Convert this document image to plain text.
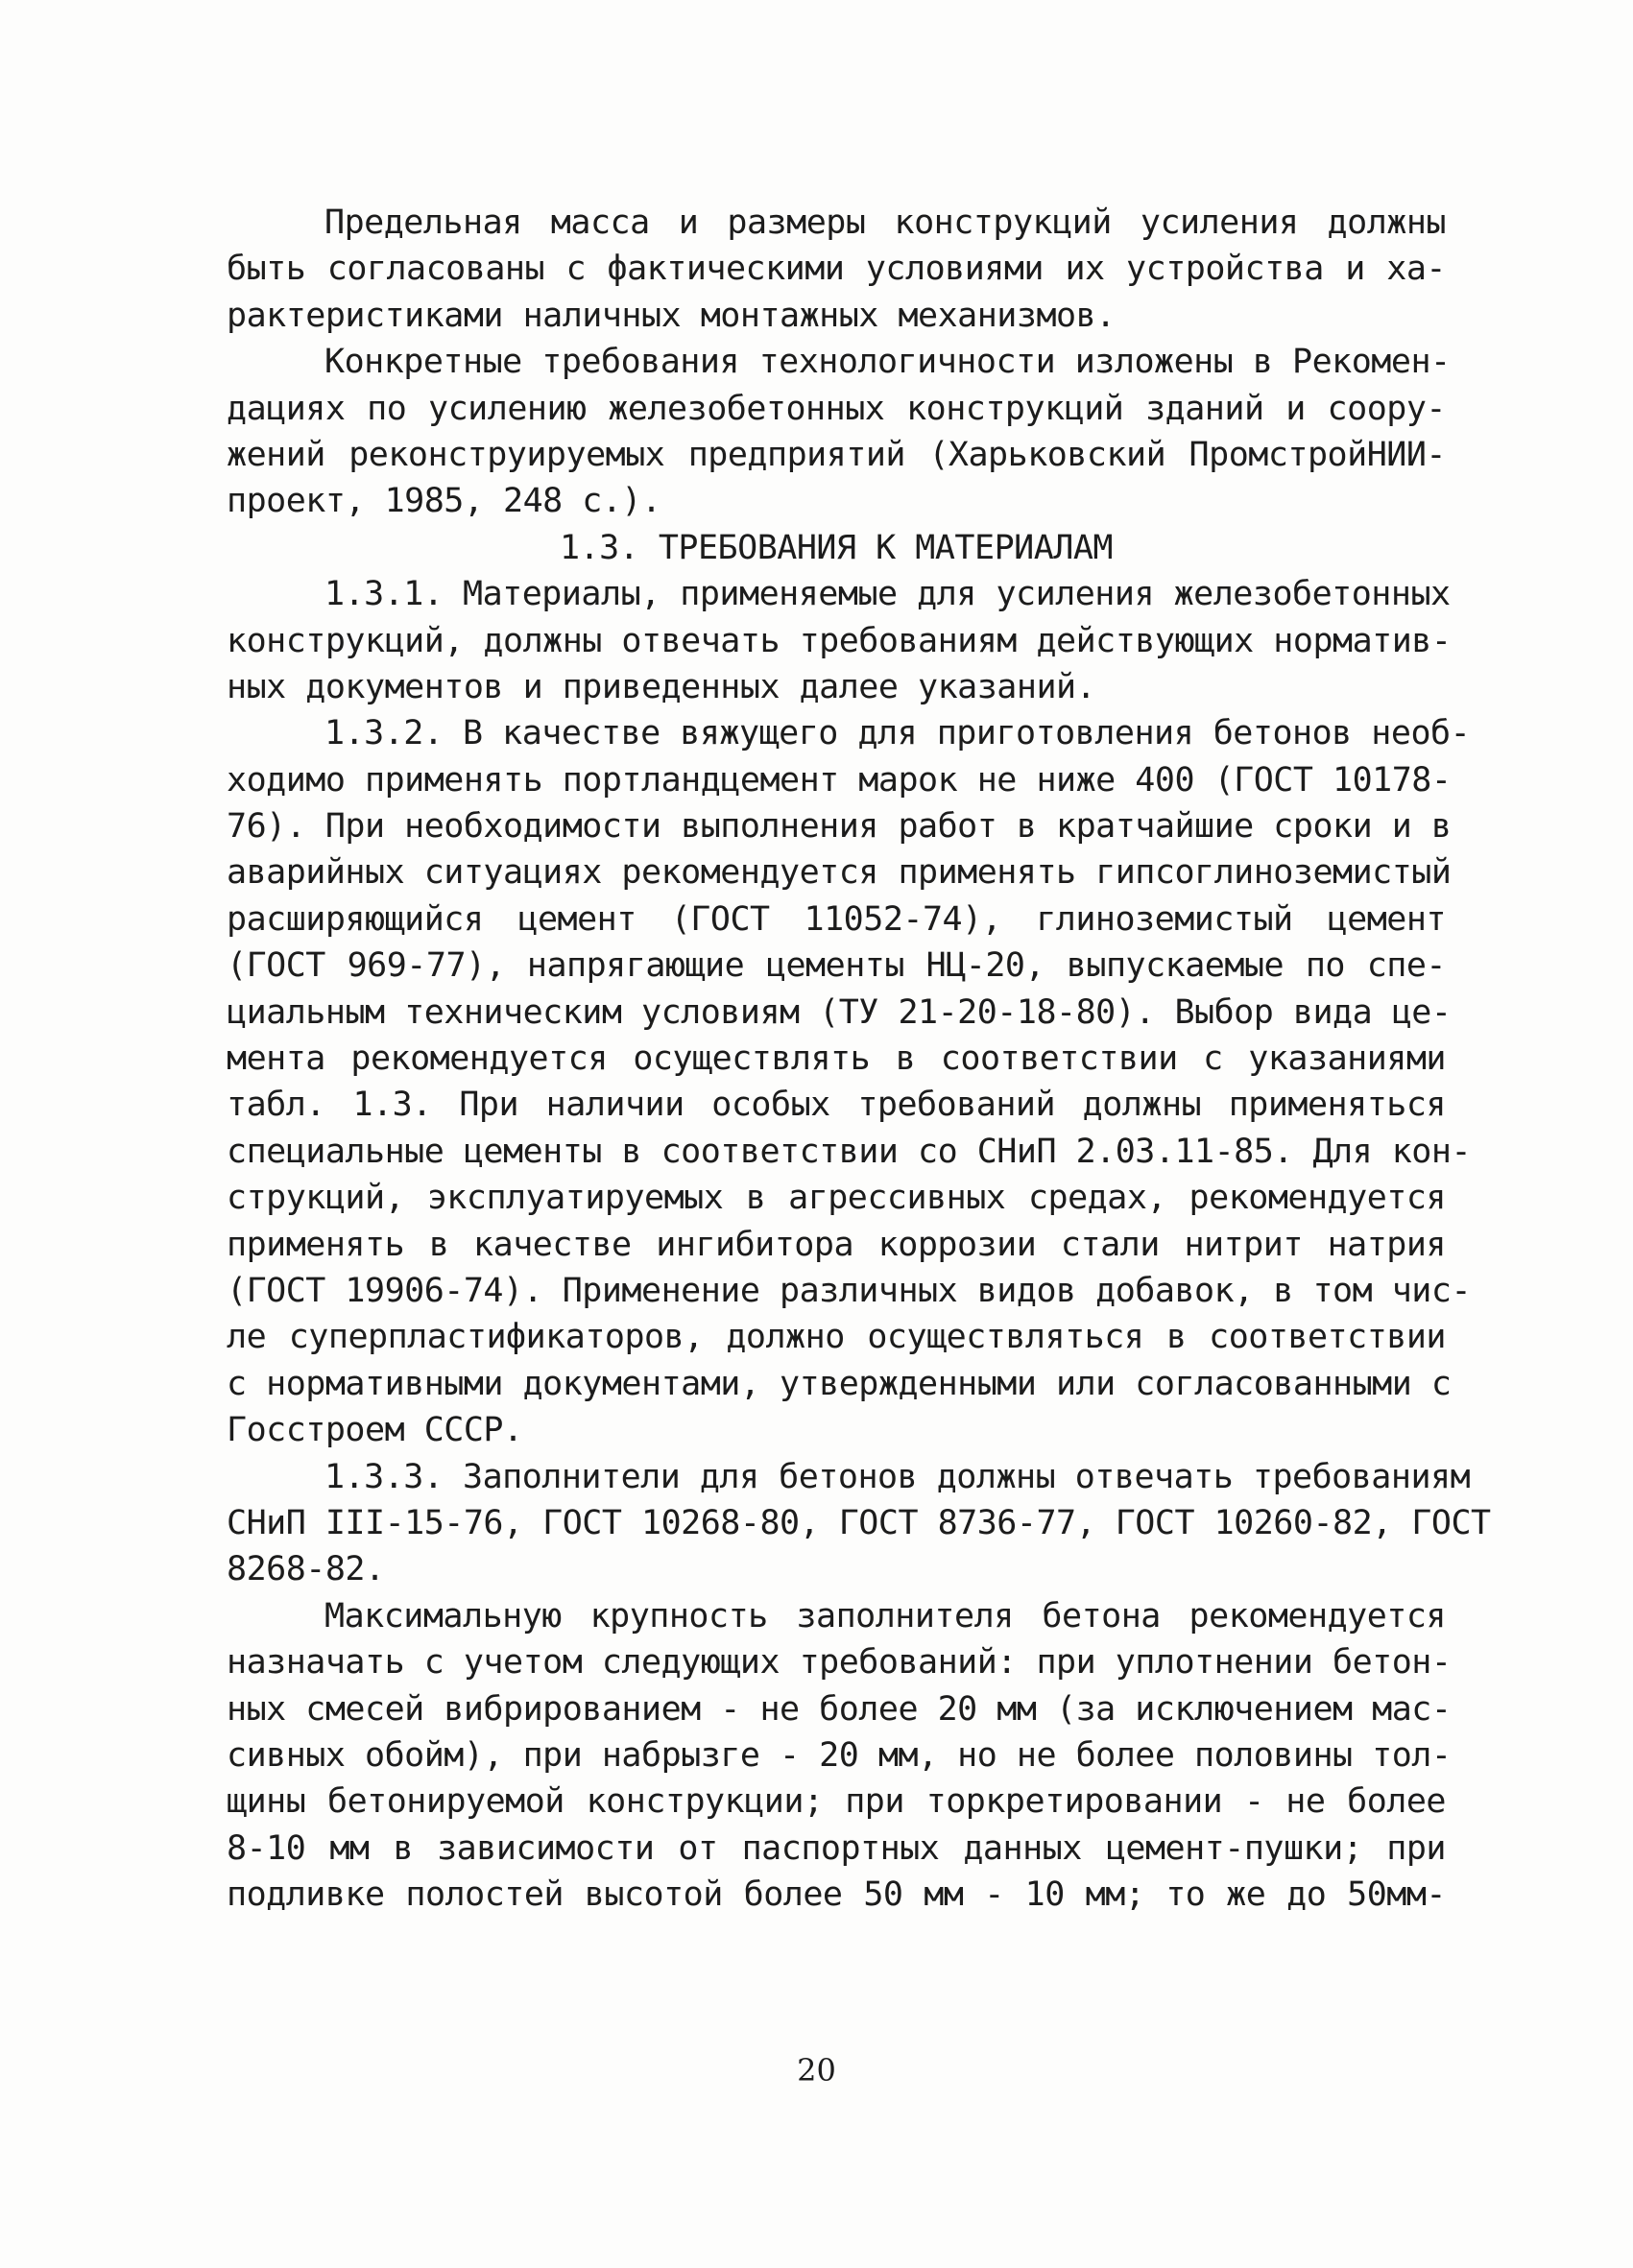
Предельная масса и размеры конструкций усиления должны
быть согласованы с фактическими условиями их устройства и ха-
рактеристиками наличных монтажных механизмов.
Конкретные требования технологичности изложены в Рекомен-
дациях по усилению железобетонных конструкций зданий и соору-
жений реконструируемых предприятий (Харьковский ПромстройНИИ-
проект, 1985, 248 с.).
1.3. ТРЕБОВАНИЯ К МАТЕРИАЛАМ
1.3.1. Материалы, применяемые для усиления железобетонных
конструкций, должны отвечать требованиям действующих норматив-
ных документов и приведенных далее указаний.
1.3.2. В качестве вяжущего для приготовления бетонов необ-
ходимо применять портландцемент марок не ниже 400 (ГОСТ 10178-
76). При необходимости выполнения работ в кратчайшие сроки и в
аварийных ситуациях рекомендуется применять гипсоглиноземистый
расширяющийся цемент (ГОСТ 11052-74), глиноземистый цемент
(ГОСТ 969-77), напрягающие цементы НЦ-20, выпускаемые по спе-
циальным техническим условиям (ТУ 21-20-18-80). Выбор вида це-
мента рекомендуется осуществлять в соответствии с указаниями
табл. 1.3. При наличии особых требований должны применяться
специальные цементы в соответствии со СНиП 2.03.11-85. Для кон-
струкций, эксплуатируемых в агрессивных средах, рекомендуется
применять в качестве ингибитора коррозии стали нитрит натрия
(ГОСТ 19906-74). Применение различных видов добавок, в том чис-
ле суперпластификаторов, должно осуществляться в соответствии
с нормативными документами, утвержденными или согласованными с
Госстроем СССР.
1.3.3. Заполнители для бетонов должны отвечать требованиям
СНиП III-15-76, ГОСТ 10268-80, ГОСТ 8736-77, ГОСТ 10260-82, ГОСТ
8268-82.
Максимальную крупность заполнителя бетона рекомендуется
назначать с учетом следующих требований: при уплотнении бетон-
ных смесей вибрированием - не более 20 мм (за исключением мас-
сивных обойм), при набрызге - 20 мм, но не более половины тол-
щины бетонируемой конструкции; при торкретировании - не более
8-10 мм в зависимости от паспортных данных цемент-пушки; при
подливке полостей высотой более 50 мм - 10 мм; то же до 50мм-
20
